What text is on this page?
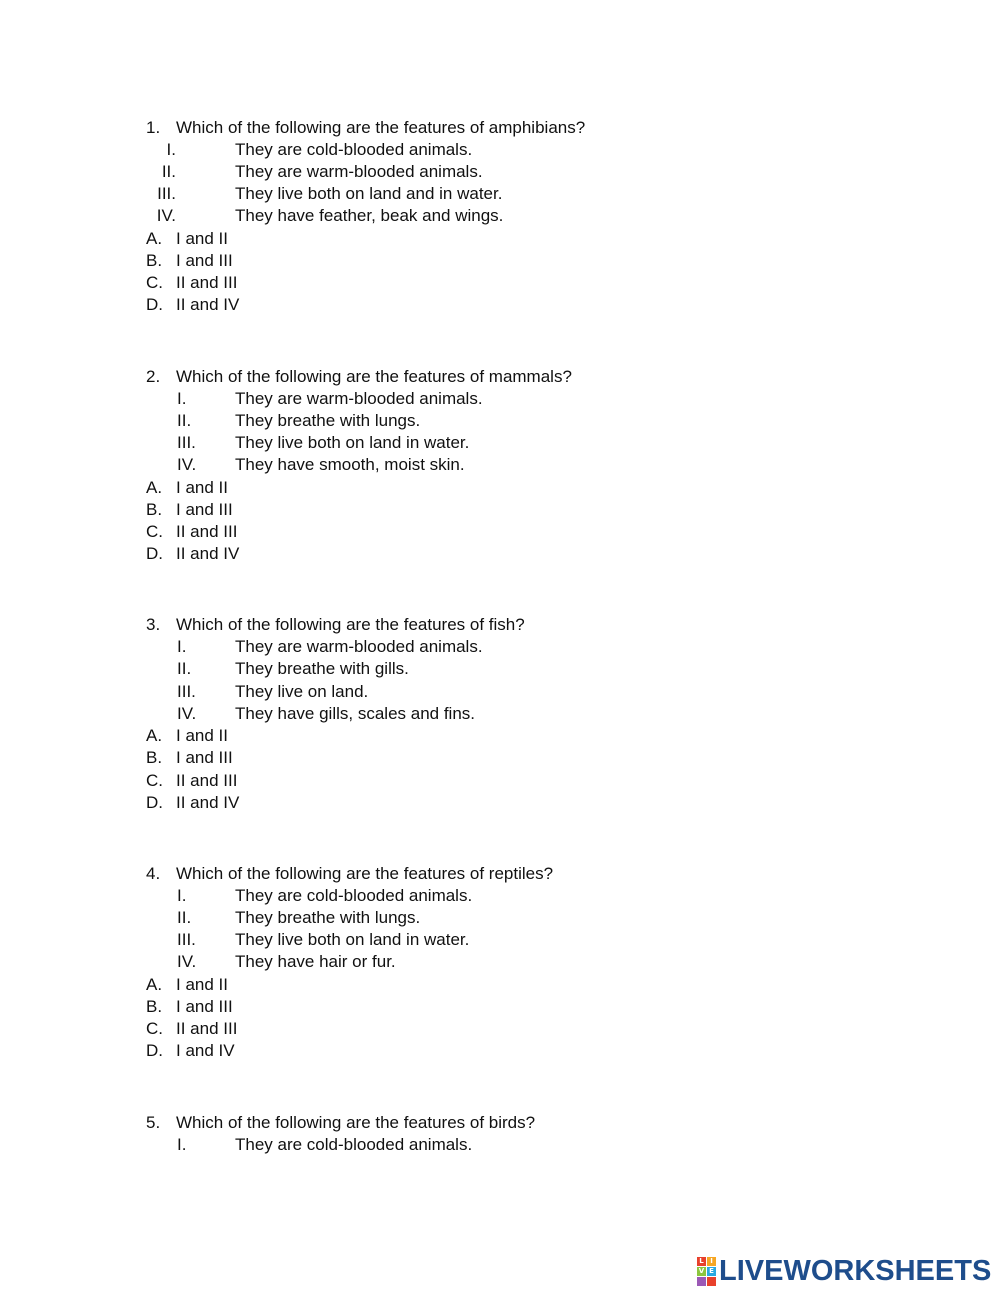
1. Which of the following are the features of amphibians?
I.	They are cold-blooded animals.
II.	They are warm-blooded animals.
III.	They live both on land and in water.
IV.	They have feather, beak and wings.
A. I and II
B. I and III
C. II and III
D. II and IV
2. Which of the following are the features of mammals?
I.	They are warm-blooded animals.
II.	They breathe with lungs.
III. They live both on land in water.
IV. They have smooth, moist skin.
A. I and II
B. I and III
C. II and III
D. II and IV
3. Which of the following are the features of fish?
I.	They are warm-blooded animals.
II.	They breathe with gills.
III. They live on land.
IV. They have gills, scales and fins.
A. I and II
B. I and III
C. II and III
D. II and IV
4. Which of the following are the features of reptiles?
I.	They are cold-blooded animals.
II.	They breathe with lungs.
III. They live both on land in water.
IV. They have hair or fur.
A. I and II
B. I and III
C. II and III
D. I and IV
5. Which of the following are the features of birds?
I.	They are cold-blooded animals.
L I
V E LIVEWORKSHEETS
